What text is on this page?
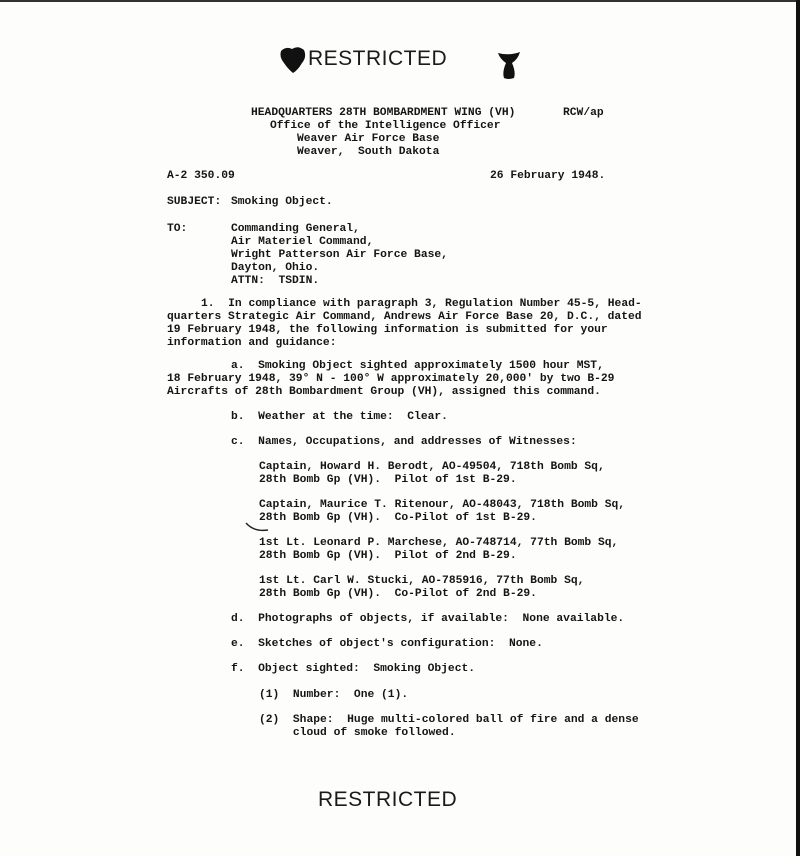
RESTRICTED
HEADQUARTERS 28TH BOMBARDMENT WING (VH)	RCW/ap
Office of the Intelligence Officer
Weaver Air Force Base
Weaver,  South Dakota
A-2 350.09	26 February 1948.
SUBJECT: Smoking Object.
TO:	Commanding General,
Air Materiel Command,
Wright Patterson Air Force Base,
Dayton, Ohio.
ATTN:  TSDIN.
1.  In compliance with paragraph 3, Regulation Number 45-5, Head-
quarters Strategic Air Command, Andrews Air Force Base 20, D.C., dated
19 February 1948, the following information is submitted for your
information and guidance:
a.  Smoking Object sighted approximately 1500 hour MST,
18 February 1948, 39° N - 100° W approximately 20,000' by two B-29
Aircrafts of 28th Bombardment Group (VH), assigned this command.
b.  Weather at the time:  Clear.
c.  Names, Occupations, and addresses of Witnesses:
Captain, Howard H. Berodt, AO-49504, 718th Bomb Sq,
28th Bomb Gp (VH).  Pilot of 1st B-29.
Captain, Maurice T. Ritenour, AO-48043, 718th Bomb Sq,
28th Bomb Gp (VH).  Co-Pilot of 1st B-29.
1st Lt. Leonard P. Marchese, AO-748714, 77th Bomb Sq,
28th Bomb Gp (VH).  Pilot of 2nd B-29.
1st Lt. Carl W. Stucki, AO-785916, 77th Bomb Sq,
28th Bomb Gp (VH).  Co-Pilot of 2nd B-29.
d.  Photographs of objects, if available:  None available.
e.  Sketches of object's configuration:  None.
f.  Object sighted:  Smoking Object.
(1)  Number:  One (1).
(2)  Shape:  Huge multi-colored ball of fire and a dense
cloud of smoke followed.
RESTRICTED
